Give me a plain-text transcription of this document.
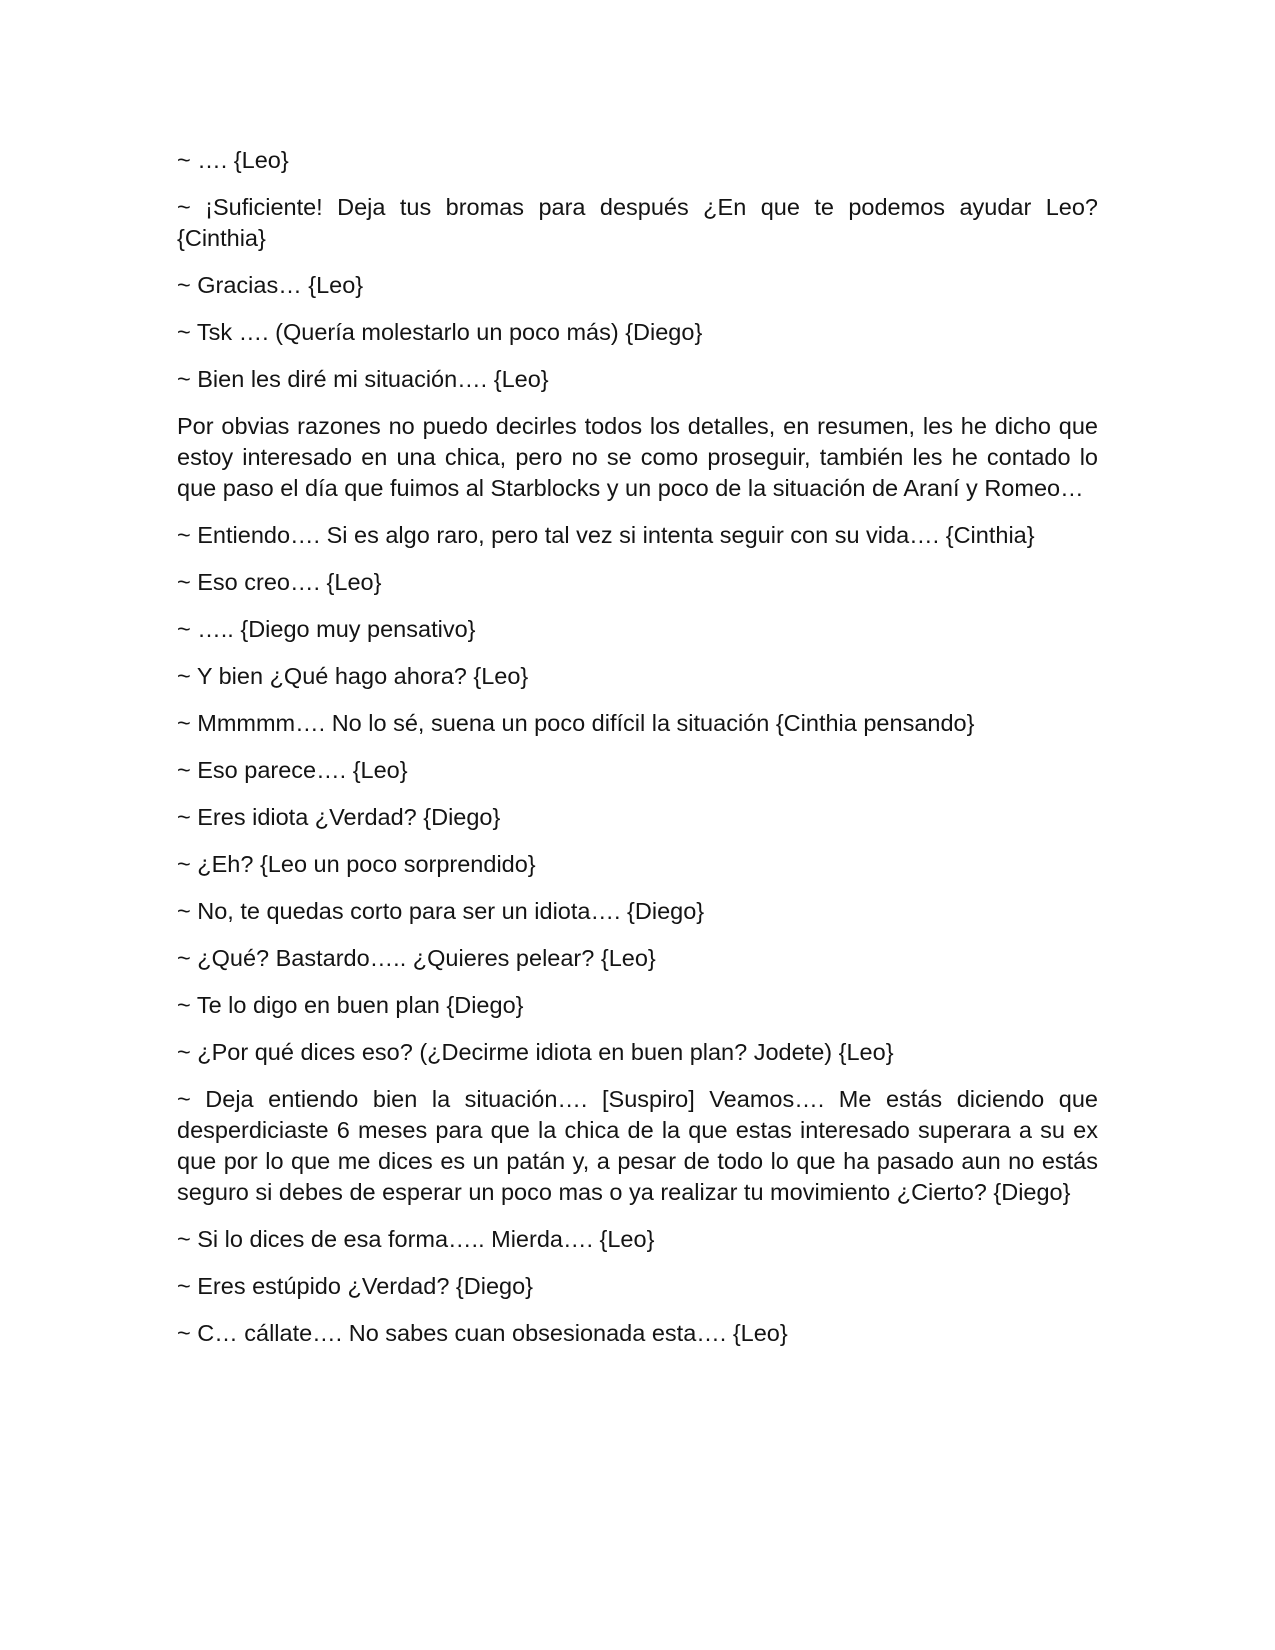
~ …. {Leo}

~ ¡Suficiente! Deja tus bromas para después ¿En que te podemos ayudar Leo? {Cinthia}

~ Gracias… {Leo}

~ Tsk …. (Quería molestarlo un poco más) {Diego}

~ Bien les diré mi situación…. {Leo}

Por obvias razones no puedo decirles todos los detalles, en resumen, les he dicho que estoy interesado en una chica, pero no se como proseguir, también les he contado lo que paso el día que fuimos al Starblocks y un poco de la situación de Araní y Romeo…

~ Entiendo…. Si es algo raro, pero tal vez si intenta seguir con su vida…. {Cinthia}

~ Eso creo…. {Leo}

~ ….. {Diego muy pensativo}

~ Y bien ¿Qué hago ahora? {Leo}

~ Mmmmm…. No lo sé, suena un poco difícil la situación {Cinthia pensando}

~ Eso parece…. {Leo}

~ Eres idiota ¿Verdad? {Diego}

~ ¿Eh? {Leo un poco sorprendido}

~ No, te quedas corto para ser un idiota…. {Diego}

~ ¿Qué? Bastardo….. ¿Quieres pelear? {Leo}

~ Te lo digo en buen plan {Diego}

~ ¿Por qué dices eso? (¿Decirme idiota en buen plan? Jodete) {Leo}

~ Deja entiendo bien la situación…. [Suspiro] Veamos…. Me estás diciendo que desperdiciaste 6 meses para que la chica de la que estas interesado superara a su ex que por lo que me dices es un patán y, a pesar de todo lo que ha pasado aun no estás seguro si debes de esperar un poco mas o ya realizar tu movimiento ¿Cierto? {Diego}

~ Si lo dices de esa forma….. Mierda…. {Leo}

~ Eres estúpido ¿Verdad? {Diego}

~ C… cállate…. No sabes cuan obsesionada esta…. {Leo}
